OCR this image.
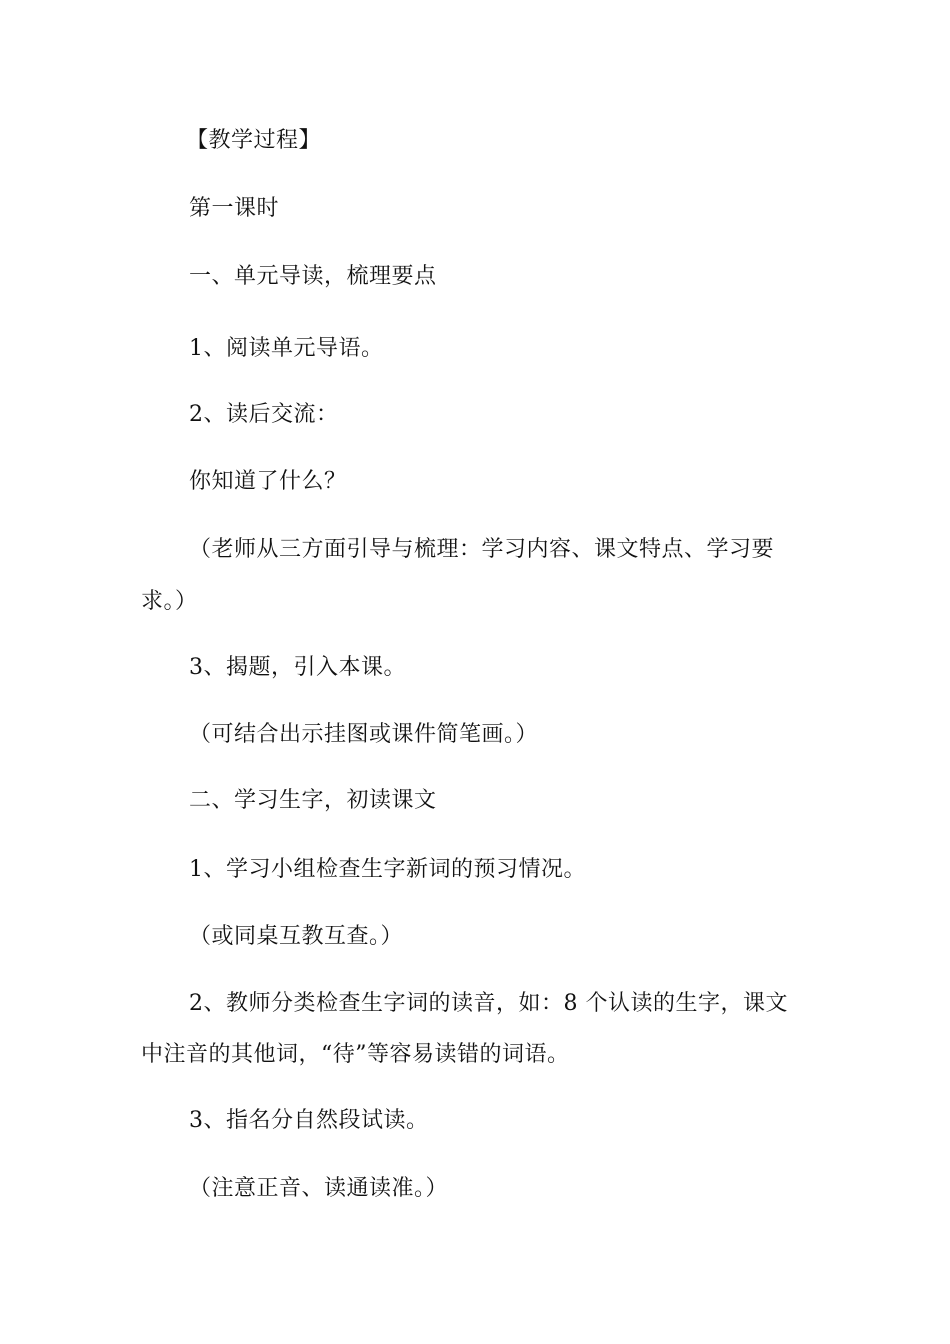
【教学过程】
第一课时
一、单元导读，梳理要点
1、阅读单元导语。
2、读后交流：
你知道了什么？
（老师从三方面引导与梳理：学习内容、课文特点、学习要
求。）
3、揭题，引入本课。
（可结合出示挂图或课件简笔画。）
二、学习生字，初读课文
1、学习小组检查生字新词的预习情况。
（或同桌互教互查。）
2、教师分类检查生字词的读音，如：8 个认读的生字，课文
中注音的其他词，“待”等容易读错的词语。
3、指名分自然段试读。
（注意正音、读通读准。）
